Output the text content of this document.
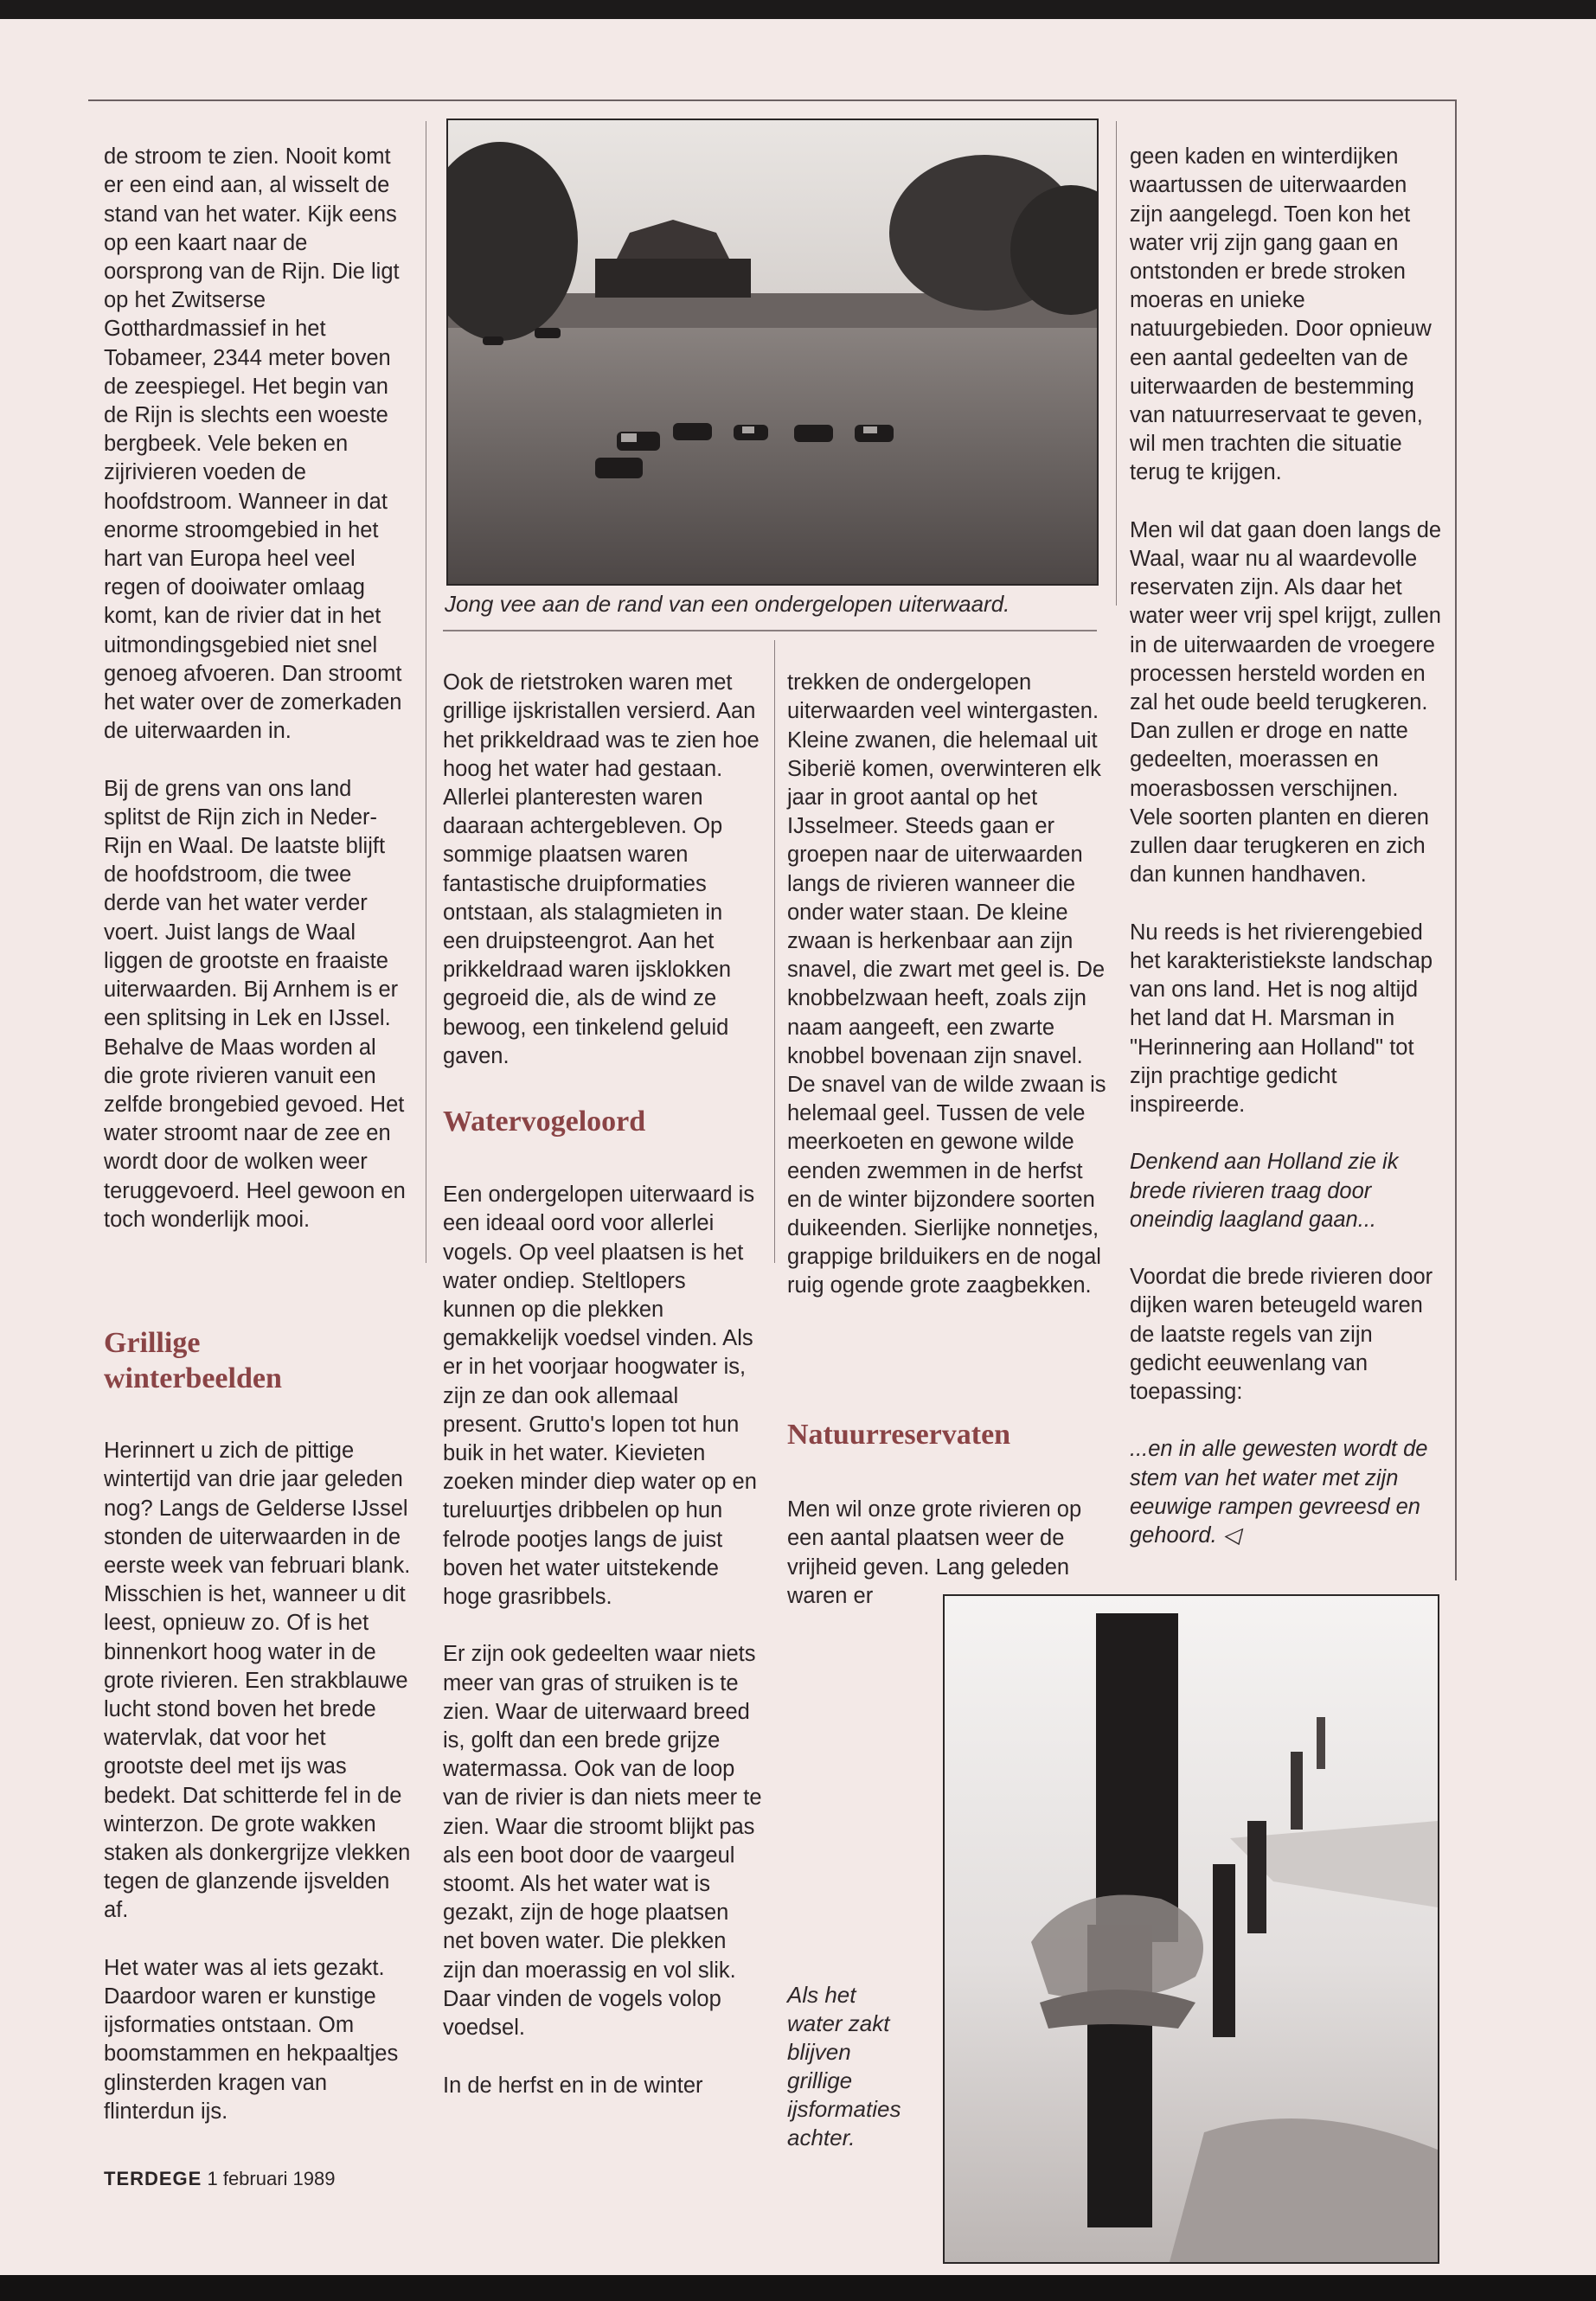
de stroom te zien. Nooit komt er een eind aan, al wisselt de stand van het water. Kijk eens op een kaart naar de oorsprong van de Rijn. Die ligt op het Zwitserse Gotthardmassief in het Tobameer, 2344 meter boven de zeespiegel. Het begin van de Rijn is slechts een woeste bergbeek. Vele beken en zijrivieren voeden de hoofdstroom. Wanneer in dat enorme stroomgebied in het hart van Europa heel veel regen of dooiwater omlaag komt, kan de rivier dat in het uitmondingsgebied niet snel genoeg afvoeren. Dan stroomt het water over de zomerkaden de uiterwaarden in.

Bij de grens van ons land splitst de Rijn zich in Neder-Rijn en Waal. De laatste blijft de hoofdstroom, die twee derde van het water verder voert. Juist langs de Waal liggen de grootste en fraaiste uiterwaarden. Bij Arnhem is er een splitsing in Lek en IJssel. Behalve de Maas worden al die grote rivieren vanuit een zelfde brongebied gevoed. Het water stroomt naar de zee en wordt door de wolken weer teruggevoerd. Heel gewoon en toch wonderlijk mooi.

Grillige winterbeelden

Herinnert u zich de pittige wintertijd van drie jaar geleden nog? Langs de Gelderse IJssel stonden de uiterwaarden in de eerste week van februari blank. Misschien is het, wanneer u dit leest, opnieuw zo. Of is het binnenkort hoog water in de grote rivieren. Een strakblauwe lucht stond boven het brede watervlak, dat voor het grootste deel met ijs was bedekt. Dat schitterde fel in de winterzon. De grote wakken staken als donkergrijze vlekken tegen de glanzende ijsvelden af.

Het water was al iets gezakt. Daardoor waren er kunstige ijsformaties ontstaan. Om boomstammen en hekpaaltjes glinsterden kragen van flinterdun ijs.

Jong vee aan de rand van een ondergelopen uiterwaard.

Ook de rietstroken waren met grillige ijskristallen versierd. Aan het prikkeldraad was te zien hoe hoog het water had gestaan. Allerlei planteresten waren daaraan achtergebleven. Op sommige plaatsen waren fantastische druipformaties ontstaan, als stalagmieten in een druipsteengrot. Aan het prikkeldraad waren ijsklokken gegroeid die, als de wind ze bewoog, een tinkelend geluid gaven.

Watervogeloord

Een ondergelopen uiterwaard is een ideaal oord voor allerlei vogels. Op veel plaatsen is het water ondiep. Steltlopers kunnen op die plekken gemakkelijk voedsel vinden. Als er in het voorjaar hoogwater is, zijn ze dan ook allemaal present. Grutto's lopen tot hun buik in het water. Kievieten zoeken minder diep water op en tureluurtjes dribbelen op hun felrode pootjes langs de juist boven het water uitstekende hoge grasribbels.

Er zijn ook gedeelten waar niets meer van gras of struiken is te zien. Waar de uiterwaard breed is, golft dan een brede grijze watermassa. Ook van de loop van de rivier is dan niets meer te zien. Waar die stroomt blijkt pas als een boot door de vaargeul stoomt. Als het water wat is gezakt, zijn de hoge plaatsen net boven water. Die plekken zijn dan moerassig en vol slik. Daar vinden de vogels volop voedsel.

In de herfst en in de winter

trekken de ondergelopen uiterwaarden veel wintergasten. Kleine zwanen, die helemaal uit Siberië komen, overwinteren elk jaar in groot aantal op het IJsselmeer. Steeds gaan er groepen naar de uiterwaarden langs de rivieren wanneer die onder water staan. De kleine zwaan is herkenbaar aan zijn snavel, die zwart met geel is. De knobbelzwaan heeft, zoals zijn naam aangeeft, een zwarte knobbel bovenaan zijn snavel. De snavel van de wilde zwaan is helemaal geel. Tussen de vele meerkoeten en gewone wilde eenden zwemmen in de herfst en de winter bijzondere soorten duikeenden. Sierlijke nonnetjes, grappige brilduikers en de nogal ruig ogende grote zaagbekken.

Natuurreservaten

Men wil onze grote rivieren op een aantal plaatsen weer de vrijheid geven. Lang geleden waren er

Als het water zakt blijven grillige ijsformaties achter.

geen kaden en winterdijken waartussen de uiterwaarden zijn aangelegd. Toen kon het water vrij zijn gang gaan en ontstonden er brede stroken moeras en unieke natuurgebieden. Door opnieuw een aantal gedeelten van de uiterwaarden de bestemming van natuurreservaat te geven, wil men trachten die situatie terug te krijgen.

Men wil dat gaan doen langs de Waal, waar nu al waardevolle reservaten zijn. Als daar het water weer vrij spel krijgt, zullen in de uiterwaarden de vroegere processen hersteld worden en zal het oude beeld terugkeren. Dan zullen er droge en natte gedeelten, moerassen en moerasbossen verschijnen. Vele soorten planten en dieren zullen daar terugkeren en zich dan kunnen handhaven.

Nu reeds is het rivierengebied het karakteristiekste landschap van ons land. Het is nog altijd het land dat H. Marsman in "Herinnering aan Holland" tot zijn prachtige gedicht inspireerde.

Denkend aan Holland zie ik brede rivieren traag door oneindig laagland gaan...

Voordat die brede rivieren door dijken waren beteugeld waren de laatste regels van zijn gedicht eeuwenlang van toepassing:

...en in alle gewesten wordt de stem van het water met zijn eeuwige rampen gevreesd en gehoord. ◁

TERDEGE 1 februari 1989
